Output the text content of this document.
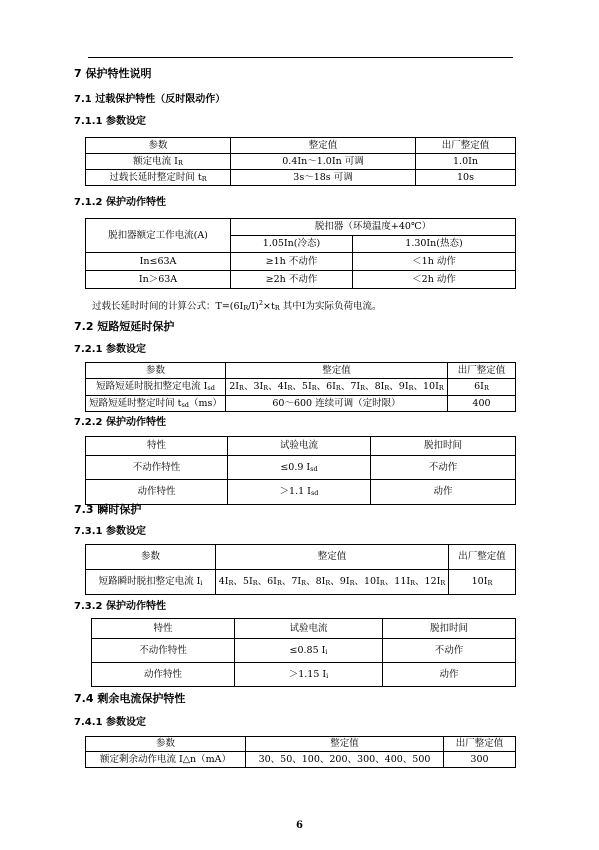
7 保护特性说明
7.1 过载保护特性（反时限动作）
7.1.1 参数设定
参数	整定值	出厂整定值
额定电流 $I_R$	0.4In～1.0In 可调	1.0In
过载长延时整定时间 $t_R$	3s～18s 可调	10s
7.1.2 保护动作特性
脱扣器额定工作电流(A)	脱扣器（环境温度+40℃）	
	1.05In(冷态)	1.30In(热态)
In≤63A	≥1h 不动作	＜1h 动作
In＞63A	≥2h 不动作	＜2h 动作
过载长延时时间的计算公式：$T=(6I_R/I)^2\times t_R$ 其中I为实际负荷电流。
7.2 短路短延时保护
7.2.1 参数设定
参数	整定值	出厂整定值
短路短延时脱扣整定电流 $I_{sd}$	$2I_R$、$3I_R$、$4I_R$、$5I_R$、$6I_R$、$7I_R$、$8I_R$、$9I_R$、$10I_R$	$6I_R$
短路短延时整定时间 $t_{sd}(ms)$	60～600 连续可调（定时限）	400
7.2.2 保护动作特性
特性	试验电流	脱扣时间
不动作特性	≤0.9 $I_{sd}$	不动作
动作特性	＞1.1 $I_{sd}$	动作
7.3 瞬时保护
7.3.1 参数设定
参数	整定值	出厂整定值
短路瞬时脱扣整定电流 $I_i$	$4I_R$、$5I_R$、$6I_R$、$7I_R$、$8I_R$、$9I_R$、$10I_R$、$11I_R$、$12I_R$	$10I_R$
7.3.2 保护动作特性
特性	试验电流	脱扣时间
不动作特性	≤0.85 $I_i$	不动作
动作特性	＞1.15 $I_i$	动作
7.4 剩余电流保护特性
7.4.1 参数设定
参数	整定值	出厂整定值
额定剩余动作电流 I△n（mA）	30、50、100、200、300、400、500	300
6
